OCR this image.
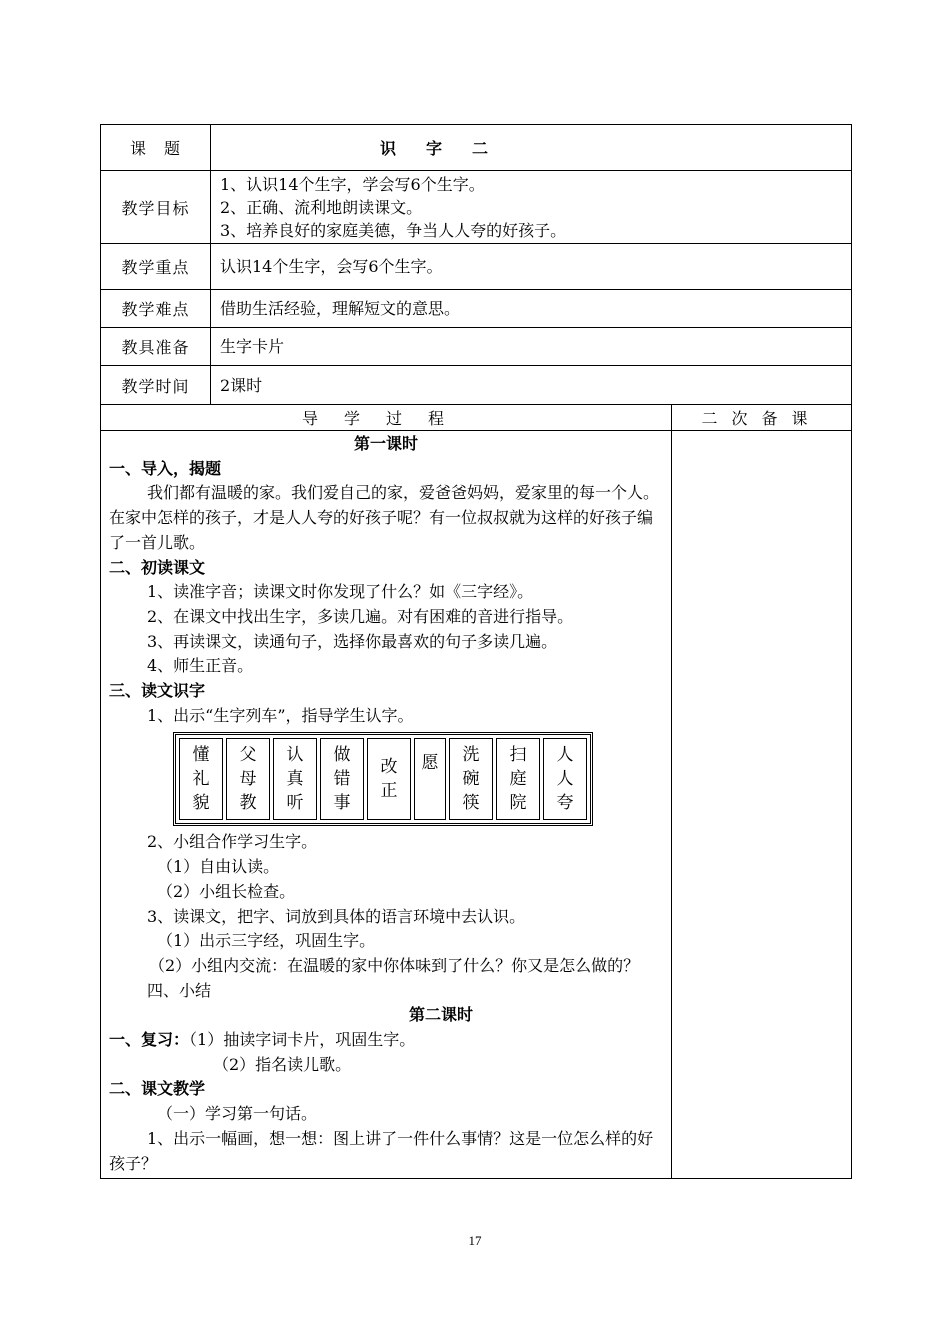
课　题	识字二
教学目标	
1、认识14个生字，学会写6个生字。
2、正确、流利地朗读课文。
3、培养良好的家庭美德，争当人人夸的好孩子。

教学重点	认识14个生字，会写6个生字。
教学难点	借助生活经验，理解短文的意思。
教具准备	生字卡片
教学时间	2课时
导学过程	二次备课

第一课时

一、导入，揭题

我们都有温暖的家。我们爱自己的家，爱爸爸妈妈，爱家里的每一个人。在家中怎样的孩子，才是人人夸的好孩子呢？有一位叔叔就为这样的好孩子编了一首儿歌。

二、初读课文

1、读准字音；读课文时你发现了什么？如《三字经》。

2、在课文中找出生字，多读几遍。对有困难的音进行指导。

3、再读课文，读通句子，选择你最喜欢的句子多读几遍。

4、师生正音。

三、读文识字

1、出示“生字列车”，指导学生认字。

懂
礼
貌

父
母
教

认
真
听

做
错
事

改
正

愿	洗
碗
筷

扫
庭
院

人
人
夸

2、小组合作学习生字。

（1）自由认读。

（2）小组长检查。

3、读课文，把字、词放到具体的语言环境中去认识。

（1）出示三字经，巩固生字。

（2）小组内交流：在温暖的家中你体味到了什么？你又是怎么做的？

四、小结

第二课时

一、复习：（1）抽读字词卡片，巩固生字。

（2）指名读儿歌。

二、课文教学

（一）学习第一句话。

1、出示一幅画，想一想：图上讲了一件什么事情？这是一位怎么样的好孩子？

17
